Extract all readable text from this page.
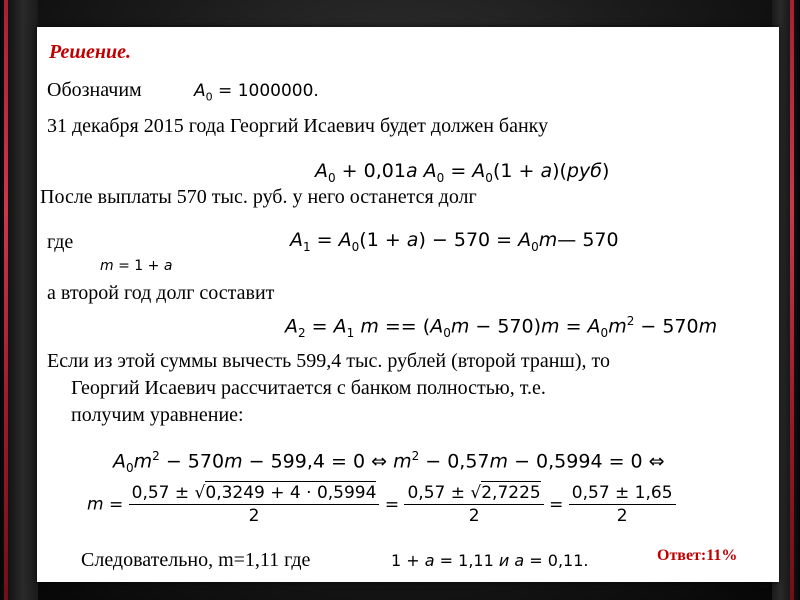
Решение.
Обозначим	$A_0 = 1000000$.
31 декабря 2015 года Георгий Исаевич будет должен банку
$A_0 + 0,01a$ $A_0 = A_0(1 + a)(руб)$
После выплаты 570 тыс. руб. у него останется долг
где	$A_1 = A_0(1 + a) - 570$ = $A_0m—$ 570
m = 1 + a
а второй год долг составит
$A_2 = A_1$ $m == (A_0m - 570)m = A_0m^2 - 570m$
Если из этой суммы вычесть 599,4 тыс. рублей (второй транш), то
Георгий Исаевич рассчитается с банком полностью, т.е.
получим уравнение:
$A_0m^2 - 570m - 599,4 = 0$ ⇔ $m^2 - 0,57m - 0,5994 = 0$ ⇔
$m = \frac{0,57 \pm √0,3249 + 4 \cdot 0,5994}{2} = \frac{0,57 \pm √2,7225}{2} = \frac{0,57 \pm 1,65}{2}$
Следовательно, m=1,11 где	1 + a = 1,11 и a = 0,11.	Ответ:11%
